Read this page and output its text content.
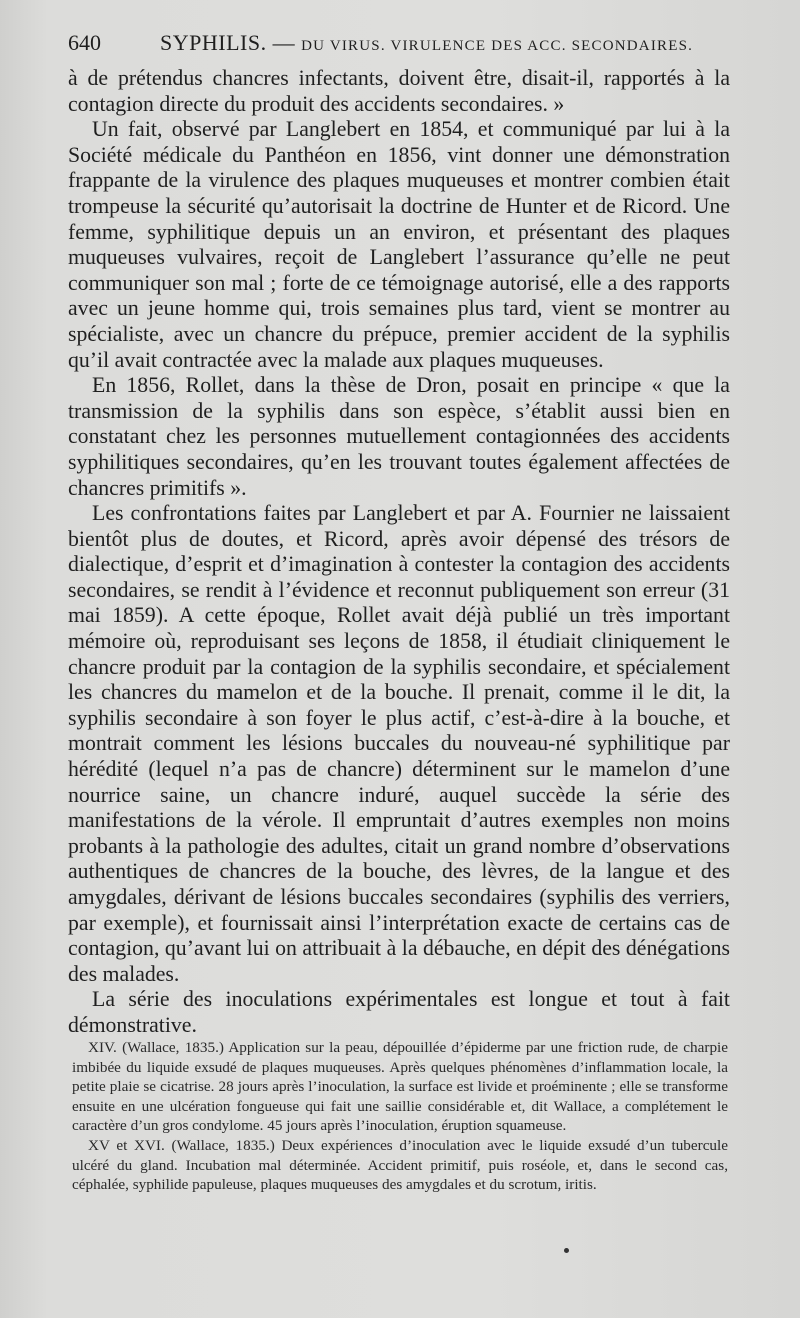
640	SYPHILIS. — DU VIRUS. VIRULENCE DES ACC. SECONDAIRES.

à de prétendus chancres infectants, doivent être, disait-il, rapportés à la contagion directe du produit des accidents secondaires. »

Un fait, observé par Langlebert en 1854, et communiqué par lui à la Société médicale du Panthéon en 1856, vint donner une démonstration frappante de la virulence des plaques muqueuses et montrer combien était trompeuse la sécurité qu’autorisait la doctrine de Hunter et de Ricord. Une femme, syphilitique depuis un an environ, et présentant des plaques muqueuses vulvaires, reçoit de Langlebert l’assurance qu’elle ne peut communiquer son mal ; forte de ce témoignage autorisé, elle a des rapports avec un jeune homme qui, trois semaines plus tard, vient se montrer au spécialiste, avec un chancre du prépuce, premier accident de la syphilis qu’il avait contractée avec la malade aux plaques muqueuses.

En 1856, Rollet, dans la thèse de Dron, posait en principe « que la transmission de la syphilis dans son espèce, s’établit aussi bien en constatant chez les personnes mutuellement contagionnées des accidents syphilitiques secondaires, qu’en les trouvant toutes également affectées de chancres primitifs ».

Les confrontations faites par Langlebert et par A. Fournier ne laissaient bientôt plus de doutes, et Ricord, après avoir dépensé des trésors de dialectique, d’esprit et d’imagination à contester la contagion des accidents secondaires, se rendit à l’évidence et reconnut publiquement son erreur (31 mai 1859). A cette époque, Rollet avait déjà publié un très important mémoire où, reproduisant ses leçons de 1858, il étudiait cliniquement le chancre produit par la contagion de la syphilis secondaire, et spécialement les chancres du mamelon et de la bouche. Il prenait, comme il le dit, la syphilis secondaire à son foyer le plus actif, c’est-à-dire à la bouche, et montrait comment les lésions buccales du nouveau-né syphilitique par hérédité (lequel n’a pas de chancre) déterminent sur le mamelon d’une nourrice saine, un chancre induré, auquel succède la série des manifestations de la vérole. Il empruntait d’autres exemples non moins probants à la pathologie des adultes, citait un grand nombre d’observations authentiques de chancres de la bouche, des lèvres, de la langue et des amygdales, dérivant de lésions buccales secondaires (syphilis des verriers, par exemple), et fournissait ainsi l’interprétation exacte de certains cas de contagion, qu’avant lui on attribuait à la débauche, en dépit des dénégations des malades.

La série des inoculations expérimentales est longue et tout à fait démonstrative.

XIV. (Wallace, 1835.) Application sur la peau, dépouillée d’épiderme par une friction rude, de charpie imbibée du liquide exsudé de plaques muqueuses. Après quelques phénomènes d’inflammation locale, la petite plaie se cicatrise. 28 jours après l’inoculation, la surface est livide et proéminente ; elle se transforme ensuite en une ulcération fongueuse qui fait une saillie considérable et, dit Wallace, a complétement le caractère d’un gros condylome. 45 jours après l’inoculation, éruption squameuse.

XV et XVI. (Wallace, 1835.) Deux expériences d’inoculation avec le liquide exsudé d’un tubercule ulcéré du gland. Incubation mal déterminée. Accident primitif, puis roséole, et, dans le second cas, céphalée, syphilide papuleuse, plaques muqueuses des amygdales et du scrotum, iritis.
